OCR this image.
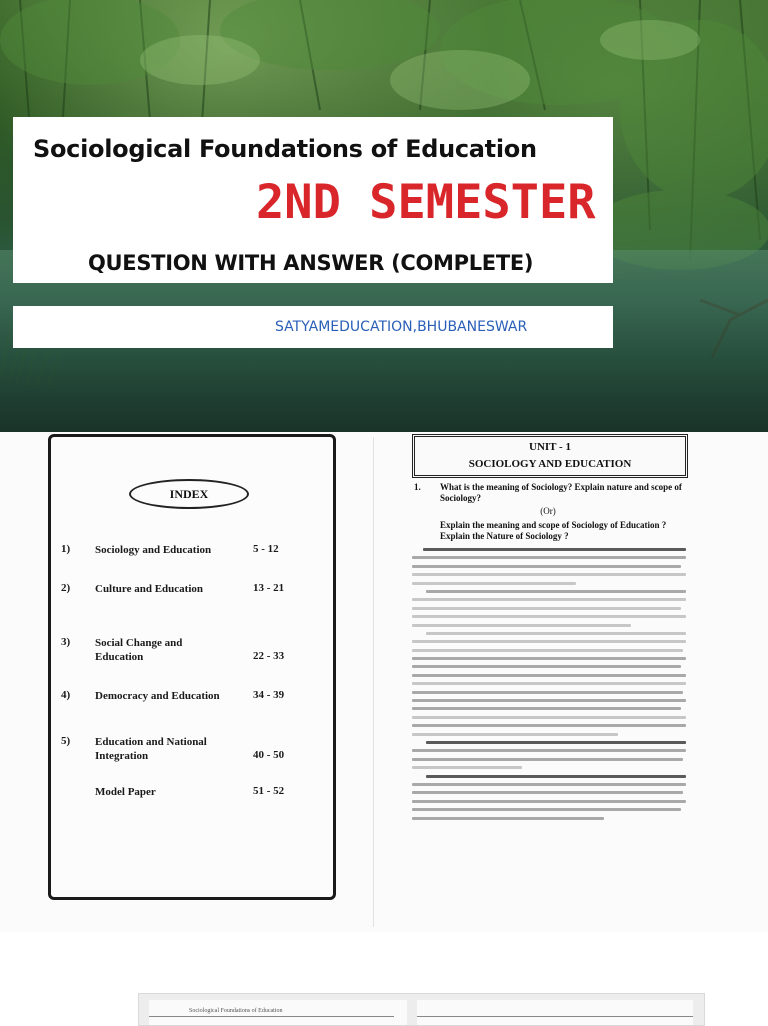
Sociological Foundations of Education
2ND SEMESTER
QUESTION WITH ANSWER (COMPLETE)
SATYAMEDUCATION,BHUBANESWAR
INDEX
1) Sociology and Education	5 - 12
2) Culture and Education	13 - 21
3) Social Change and Education	22 - 33
4) Democracy and Education	34 - 39
5) Education and National Integration	40 - 50
Model Paper	51 - 52
UNIT - 1
SOCIOLOGY AND EDUCATION
1. What is the meaning of Sociology? Explain nature and scope of Sociology?
(Or)
Explain the meaning and scope of Sociology of Education ? Explain the Nature of Sociology ?
Sociological Foundations of Education
